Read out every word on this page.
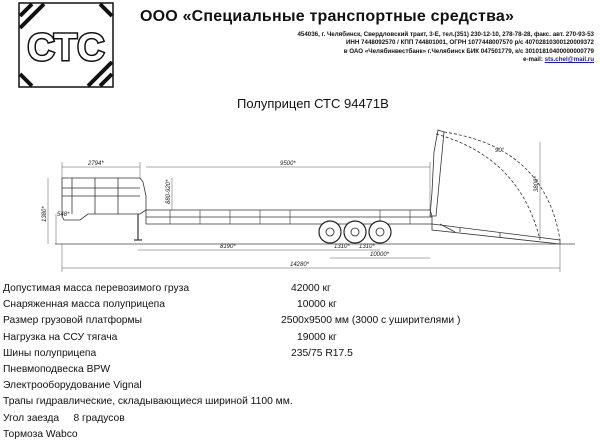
СТС
ООО «Специальные транспортные средства»
454036, г. Челябинск, Свердловский тракт, 3-Е, тел.(351) 230-12-10, 278-78-28, факс. авт. 270-93-53
ИНН 7448092570 / КПП 744801001, ОГРН 1077448007570 р/с 40702810300120009372
в ОАО «Челябинвестбанк» г.Челябинск БИК 047501779, к/с 30101810400000000779
e-mail: sts.chel@mail.ru
Полуприцеп СТС 94471В
2794*	9500*
1380* 548*
880-920*
90°
3800*
8190*	1310* 1310*
10000*
14280*
Допустимая масса перевозимого груза	42000 кг
Снаряженная масса полуприцепа	10000 кг
Размер грузовой платформы	2500х9500 мм (3000 с уширителями )
Нагрузка на ССУ тягача	19000 кг
Шины полуприцепа	235/75 R17.5
Пневмоподвеска BPW
Электрооборудование Vignal
Трапы гидравлические, складывающиеся шириной 1100 мм.
Угол заезда     8 градусов
Тормоза Wabco
